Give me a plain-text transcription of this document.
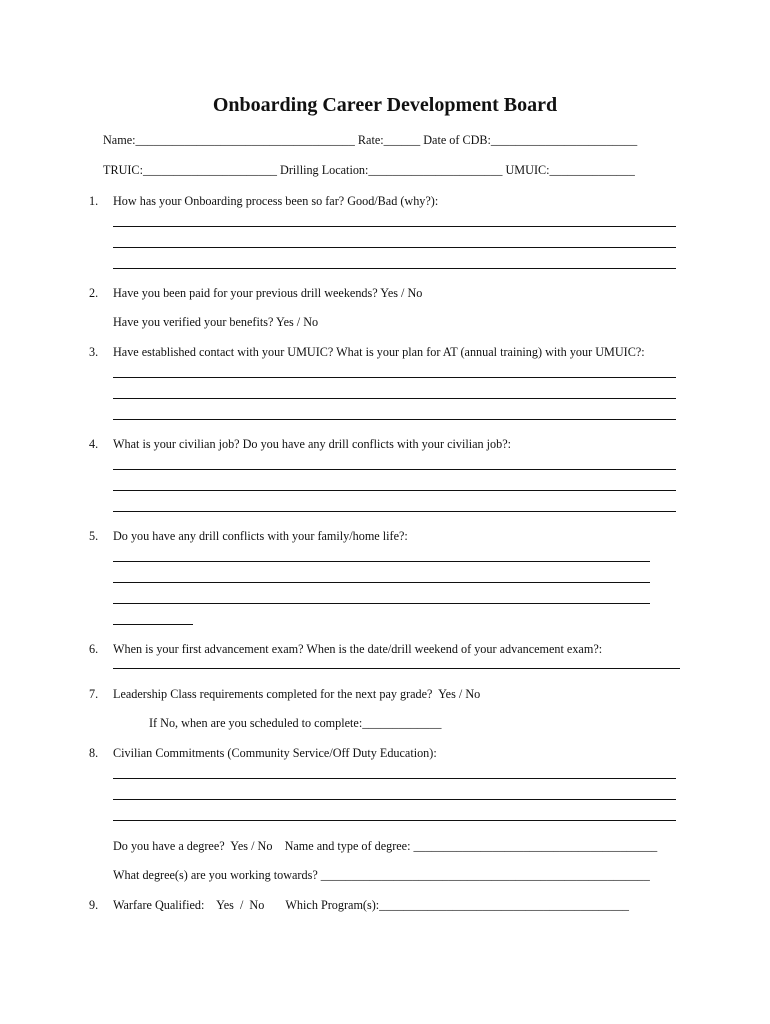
Onboarding Career Development Board
Name:____________________________________ Rate:______ Date of CDB:________________________
TRUIC:______________________ Drilling Location:______________________ UMUIC:______________
1. How has your Onboarding process been so far? Good/Bad (why?):
2. Have you been paid for your previous drill weekends? Yes / No
Have you verified your benefits? Yes / No
3. Have established contact with your UMUIC? What is your plan for AT (annual training) with your UMUIC?:
4. What is your civilian job? Do you have any drill conflicts with your civilian job?:
5. Do you have any drill conflicts with your family/home life?:
6. When is your first advancement exam? When is the date/drill weekend of your advancement exam?:
7. Leadership Class requirements completed for the next pay grade?  Yes / No
If No, when are you scheduled to complete:_____________
8. Civilian Commitments (Community Service/Off Duty Education):
Do you have a degree?  Yes / No    Name and type of degree: ________________________________________
What degree(s) are you working towards? ______________________________________________________
9. Warfare Qualified:    Yes  /  No       Which Program(s):_________________________________________
